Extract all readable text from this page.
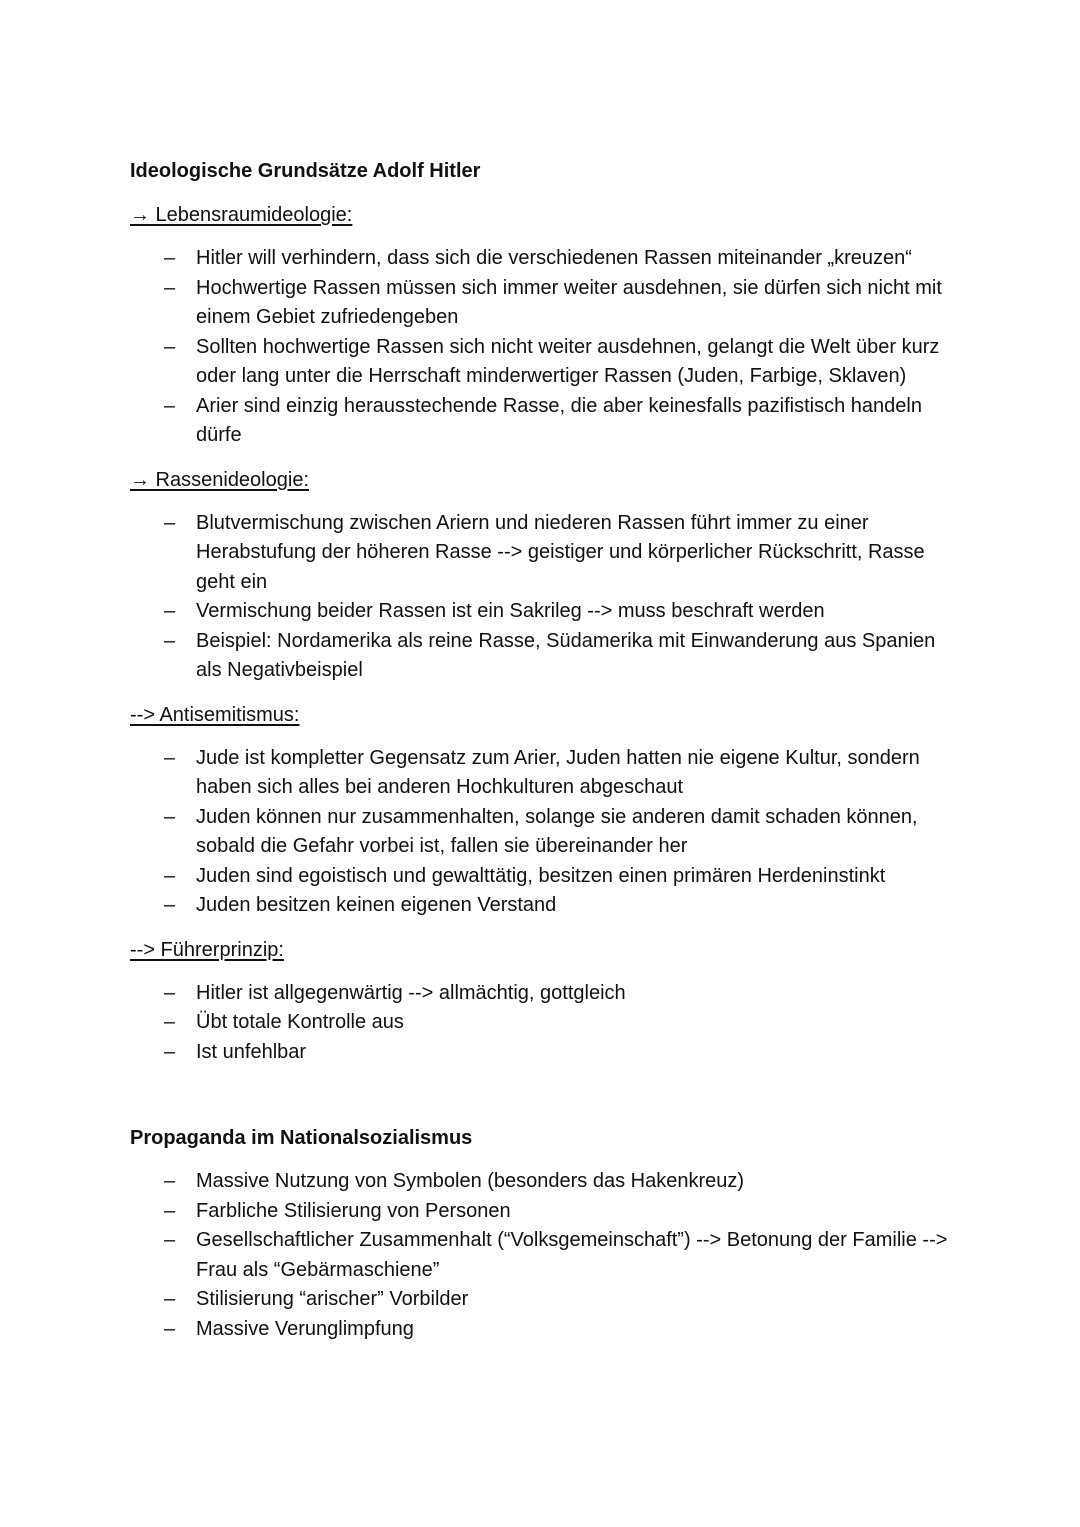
Ideologische Grundsätze Adolf Hitler

→ Lebensraumideologie:

– Hitler will verhindern, dass sich die verschiedenen Rassen miteinander „kreuzen“
– Hochwertige Rassen müssen sich immer weiter ausdehnen, sie dürfen sich nicht mit einem Gebiet zufriedengeben
– Sollten hochwertige Rassen sich nicht weiter ausdehnen, gelangt die Welt über kurz oder lang unter die Herrschaft minderwertiger Rassen (Juden, Farbige, Sklaven)
– Arier sind einzig herausstechende Rasse, die aber keinesfalls pazifistisch handeln dürfe

→ Rassenideologie:

– Blutvermischung zwischen Ariern und niederen Rassen führt immer zu einer Herabstufung der höheren Rasse --> geistiger und körperlicher Rückschritt, Rasse geht ein
– Vermischung beider Rassen ist ein Sakrileg --> muss beschraft werden
– Beispiel: Nordamerika als reine Rasse, Südamerika mit Einwanderung aus Spanien als Negativbeispiel

--> Antisemitismus:

– Jude ist kompletter Gegensatz zum Arier, Juden hatten nie eigene Kultur, sondern haben sich alles bei anderen Hochkulturen abgeschaut
– Juden können nur zusammenhalten, solange sie anderen damit schaden können, sobald die Gefahr vorbei ist, fallen sie übereinander her
– Juden sind egoistisch und gewalttätig, besitzen einen primären Herdeninstinkt
– Juden besitzen keinen eigenen Verstand

--> Führerprinzip:

– Hitler ist allgegenwärtig --> allmächtig, gottgleich
– Übt totale Kontrolle aus
– Ist unfehlbar

Propaganda im Nationalsozialismus

– Massive Nutzung von Symbolen (besonders das Hakenkreuz)
– Farbliche Stilisierung von Personen
– Gesellschaftlicher Zusammenhalt (“Volksgemeinschaft”) --> Betonung der Familie --> Frau als “Gebärmaschiene”
– Stilisierung “arischer” Vorbilder
– Massive Verunglimpfung
